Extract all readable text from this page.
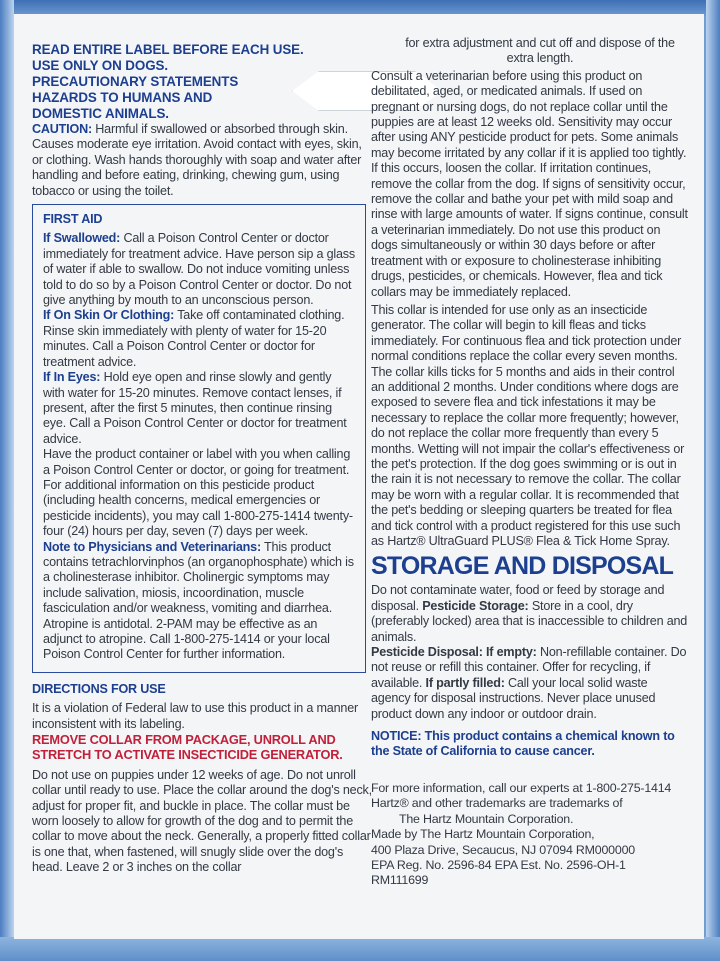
READ ENTIRE LABEL BEFORE EACH USE.
USE ONLY ON DOGS.
PRECAUTIONARY STATEMENTS
HAZARDS TO HUMANS AND
DOMESTIC ANIMALS.

CAUTION: Harmful if swallowed or absorbed through skin. Causes moderate eye irritation. Avoid contact with eyes, skin, or clothing. Wash hands thoroughly with soap and water after handling and before eating, drinking, chewing gum, using tobacco or using the toilet.

FIRST AID

If Swallowed: Call a Poison Control Center or doctor immediately for treatment advice. Have person sip a glass of water if able to swallow. Do not induce vomiting unless told to do so by a Poison Control Center or doctor. Do not give anything by mouth to an unconscious person.

If On Skin Or Clothing: Take off contaminated clothing. Rinse skin immediately with plenty of water for 15-20 minutes. Call a Poison Control Center or doctor for treatment advice.

If In Eyes: Hold eye open and rinse slowly and gently with water for 15-20 minutes. Remove contact lenses, if present, after the first 5 minutes, then continue rinsing eye. Call a Poison Control Center or doctor for treatment advice.

Have the product container or label with you when calling a Poison Control Center or doctor, or going for treatment. For additional information on this pesticide product (including health concerns, medical emergencies or pesticide incidents), you may call 1-800-275-1414 twenty-four (24) hours per day, seven (7) days per week.

Note to Physicians and Veterinarians: This product contains tetrachlorvinphos (an organophosphate) which is a cholinesterase inhibitor. Cholinergic symptoms may include salivation, miosis, incoordination, muscle fasciculation and/or weakness, vomiting and diarrhea. Atropine is antidotal. 2-PAM may be effective as an adjunct to atropine. Call 1-800-275-1414 or your local Poison Control Center for further information.

DIRECTIONS FOR USE

It is a violation of Federal law to use this product in a manner inconsistent with its labeling.

REMOVE COLLAR FROM PACKAGE, UNROLL AND STRETCH TO ACTIVATE INSECTICIDE GENERATOR.

Do not use on puppies under 12 weeks of age. Do not unroll collar until ready to use. Place the collar around the dog's neck, adjust for proper fit, and buckle in place. The collar must be worn loosely to allow for growth of the dog and to permit the collar to move about the neck. Generally, a properly fitted collar is one that, when fastened, will snugly slide over the dog's head. Leave 2 or 3 inches on the collar

for extra adjustment and cut off and dispose of the extra length.

Consult a veterinarian before using this product on debilitated, aged, or medicated animals. If used on pregnant or nursing dogs, do not replace collar until the puppies are at least 12 weeks old. Sensitivity may occur after using ANY pesticide product for pets. Some animals may become irritated by any collar if it is applied too tightly. If this occurs, loosen the collar. If irritation continues, remove the collar from the dog. If signs of sensitivity occur, remove the collar and bathe your pet with mild soap and rinse with large amounts of water. If signs continue, consult a veterinarian immediately. Do not use this product on dogs simultaneously or within 30 days before or after treatment with or exposure to cholinesterase inhibiting drugs, pesticides, or chemicals. However, flea and tick collars may be immediately replaced.

This collar is intended for use only as an insecticide generator. The collar will begin to kill fleas and ticks immediately. For continuous flea and tick protection under normal conditions replace the collar every seven months. The collar kills ticks for 5 months and aids in their control an additional 2 months. Under conditions where dogs are exposed to severe flea and tick infestations it may be necessary to replace the collar more frequently; however, do not replace the collar more frequently than every 5 months. Wetting will not impair the collar's effectiveness or the pet's protection. If the dog goes swimming or is out in the rain it is not necessary to remove the collar. The collar may be worn with a regular collar. It is recommended that the pet's bedding or sleeping quarters be treated for flea and tick control with a product registered for this use such as Hartz® UltraGuard PLUS® Flea & Tick Home Spray.

STORAGE AND DISPOSAL

Do not contaminate water, food or feed by storage and disposal. Pesticide Storage: Store in a cool, dry (preferably locked) area that is inaccessible to children and animals.

Pesticide Disposal: If empty: Non-refillable container. Do not reuse or refill this container. Offer for recycling, if available. If partly filled: Call your local solid waste agency for disposal instructions. Never place unused product down any indoor or outdoor drain.

NOTICE: This product contains a chemical known to the State of California to cause cancer.

For more information, call our experts at 1-800-275-1414
Hartz® and other trademarks are trademarks of
The Hartz Mountain Corporation.
Made by The Hartz Mountain Corporation,
400 Plaza Drive, Secaucus, NJ 07094 RM000000
EPA Reg. No. 2596-84 EPA Est. No. 2596-OH-1
RM111699
